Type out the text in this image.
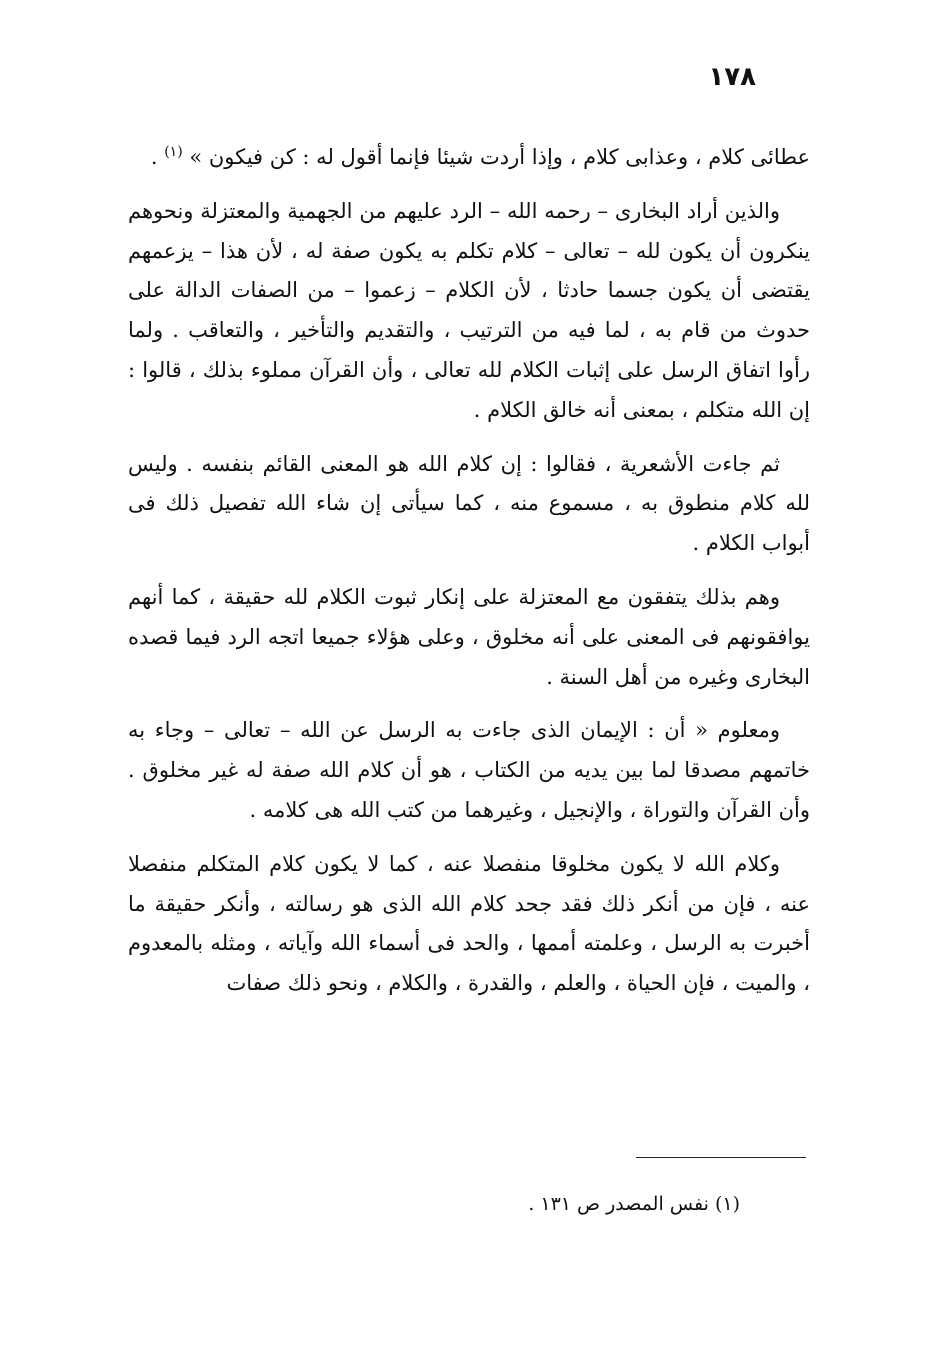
١٧٨

عطائى كلام ، وعذابى كلام ، وإذا أردت شيئا فإنما أقول له : كن فيكون » $^{(١)}$ .

والذين أراد البخارى – رحمه الله – الرد عليهم من الجهمية والمعتزلة ونحوهم ينكرون أن يكون لله – تعالى – كلام تكلم به يكون صفة له ، لأن هذا – يزعمهم يقتضى أن يكون جسما حادثا ، لأن الكلام – زعموا – من الصفات الدالة على حدوث من قام به ، لما فيه من الترتيب ، والتقديم والتأخير ، والتعاقب . ولما رأوا اتفاق الرسل على إثبات الكلام لله تعالى ، وأن القرآن مملوء بذلك ، قالوا : إن الله متكلم ، بمعنى أنه خالق الكلام .

ثم جاءت الأشعرية ، فقالوا : إن كلام الله هو المعنى القائم بنفسه . وليس لله كلام منطوق به ، مسموع منه ، كما سيأتى إن شاء الله تفصيل ذلك فى أبواب الكلام .

وهم بذلك يتفقون مع المعتزلة على إنكار ثبوت الكلام لله حقيقة ، كما أنهم يوافقونهم فى المعنى على أنه مخلوق ، وعلى هؤلاء جميعا اتجه الرد فيما قصده البخارى وغيره من أهل السنة .

ومعلوم « أن : الإيمان الذى جاءت به الرسل عن الله – تعالى – وجاء به خاتمهم مصدقا لما بين يديه من الكتاب ، هو أن كلام الله صفة له غير مخلوق . وأن القرآن والتوراة ، والإنجيل ، وغيرهما من كتب الله هى كلامه .

وكلام الله لا يكون مخلوقا منفصلا عنه ، كما لا يكون كلام المتكلم منفصلا عنه ، فإن من أنكر ذلك فقد جحد كلام الله الذى هو رسالته ، وأنكر حقيقة ما أخبرت به الرسل ، وعلمته أممها ، والحد فى أسماء الله وآياته ، ومثله بالمعدوم ، والميت ، فإن الحياة ، والعلم ، والقدرة ، والكلام ، ونحو ذلك صفات

(١) نفس المصدر ص ١٣١ .
